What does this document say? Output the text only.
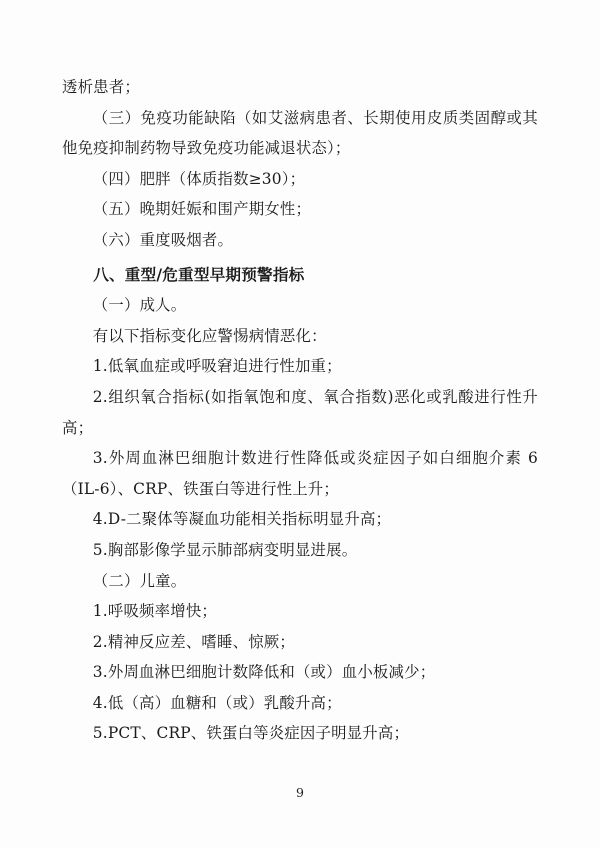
透析患者；

（三）免疫功能缺陷（如艾滋病患者、长期使用皮质类固醇或其他免疫抑制药物导致免疫功能减退状态）；

（四）肥胖（体质指数≥30）；

（五）晚期妊娠和围产期女性；

（六）重度吸烟者。

八、重型/危重型早期预警指标

（一）成人。

有以下指标变化应警惕病情恶化：

1.低氧血症或呼吸窘迫进行性加重；

2.组织氧合指标(如指氧饱和度、氧合指数)恶化或乳酸进行性升高；

3.外周血淋巴细胞计数进行性降低或炎症因子如白细胞介素 6（IL-6）、CRP、铁蛋白等进行性上升；

4.D-二聚体等凝血功能相关指标明显升高；

5.胸部影像学显示肺部病变明显进展。

（二）儿童。

1.呼吸频率增快；

2.精神反应差、嗜睡、惊厥；

3.外周血淋巴细胞计数降低和（或）血小板减少；

4.低（高）血糖和（或）乳酸升高；

5.PCT、CRP、铁蛋白等炎症因子明显升高；

9
